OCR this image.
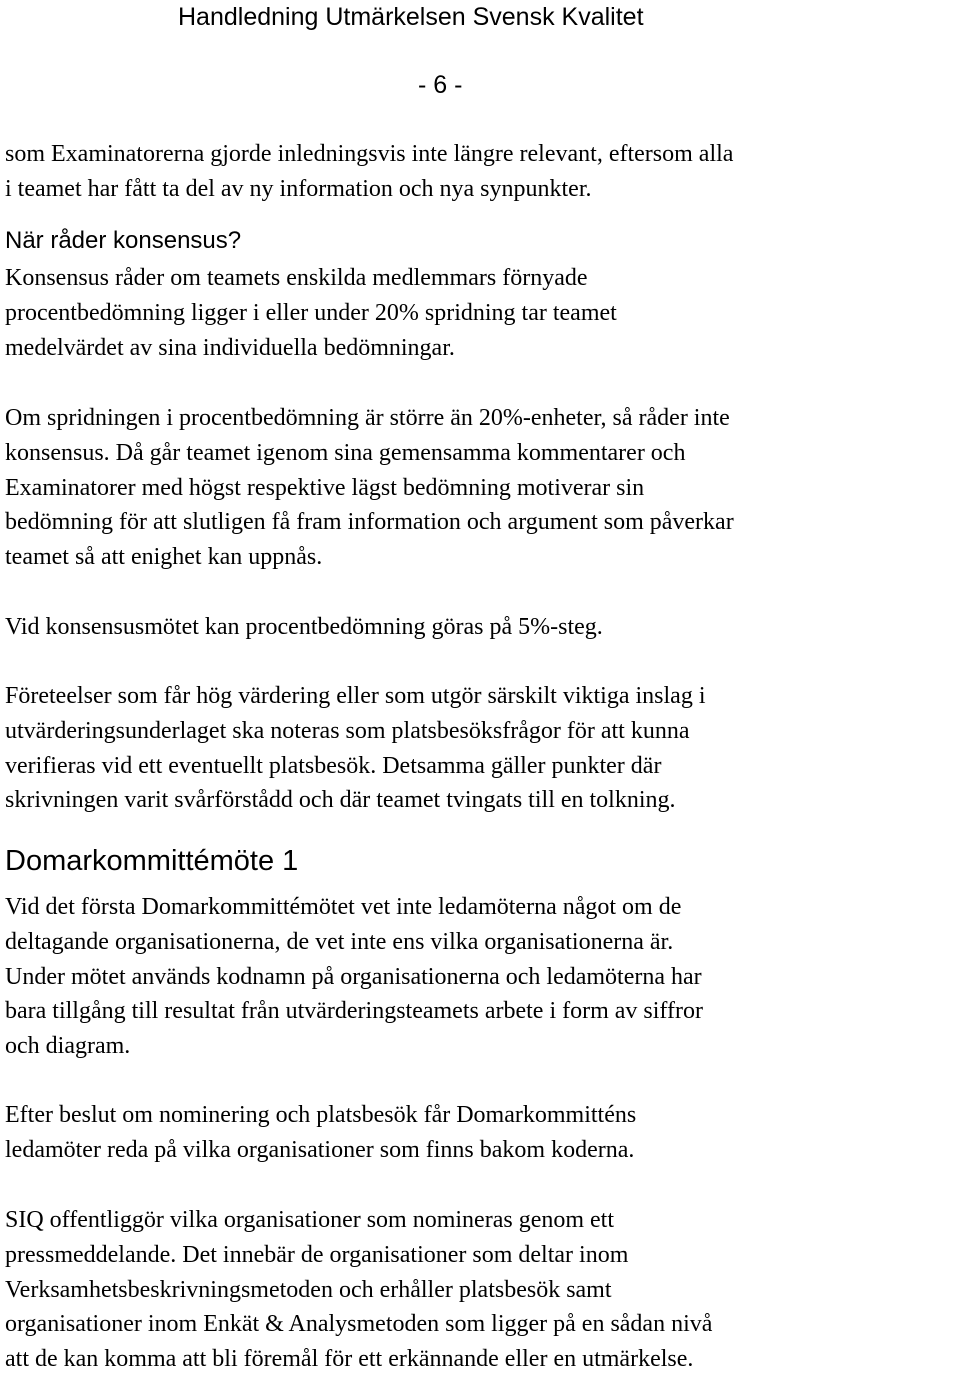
Handledning Utmärkelsen Svensk Kvalitet
- 6 -

som Examinatorerna gjorde inledningsvis inte längre relevant, eftersom alla
i teamet har fått ta del av ny information och nya synpunkter.

När råder konsensus?

Konsensus råder om teamets enskilda medlemmars förnyade
procentbedömning ligger i eller under 20% spridning tar teamet
medelvärdet av sina individuella bedömningar.

Om spridningen i procentbedömning är större än 20%-enheter, så råder inte
konsensus. Då går teamet igenom sina gemensamma kommentarer och
Examinatorer med högst respektive lägst bedömning motiverar sin
bedömning för att slutligen få fram information och argument som påverkar
teamet så att enighet kan uppnås.

Vid konsensusmötet kan procentbedömning göras på 5%-steg.

Företeelser som får hög värdering eller som utgör särskilt viktiga inslag i
utvärderingsunderlaget ska noteras som platsbesöksfrågor för att kunna
verifieras vid ett eventuellt platsbesök. Detsamma gäller punkter där
skrivningen varit svårförstådd och där teamet tvingats till en tolkning.

Domarkommittémöte 1

Vid det första Domarkommittémötet vet inte ledamöterna något om de
deltagande organisationerna, de vet inte ens vilka organisationerna är.
Under mötet används kodnamn på organisationerna och ledamöterna har
bara tillgång till resultat från utvärderingsteamets arbete i form av siffror
och diagram.

Efter beslut om nominering och platsbesök får Domarkommitténs
ledamöter reda på vilka organisationer som finns bakom koderna.

SIQ offentliggör vilka organisationer som nomineras genom ett
pressmeddelande. Det innebär de organisationer som deltar inom
Verksamhetsbeskrivningsmetoden och erhåller platsbesök samt
organisationer inom Enkät & Analysmetoden som ligger på en sådan nivå
att de kan komma att bli föremål för ett erkännande eller en utmärkelse.
